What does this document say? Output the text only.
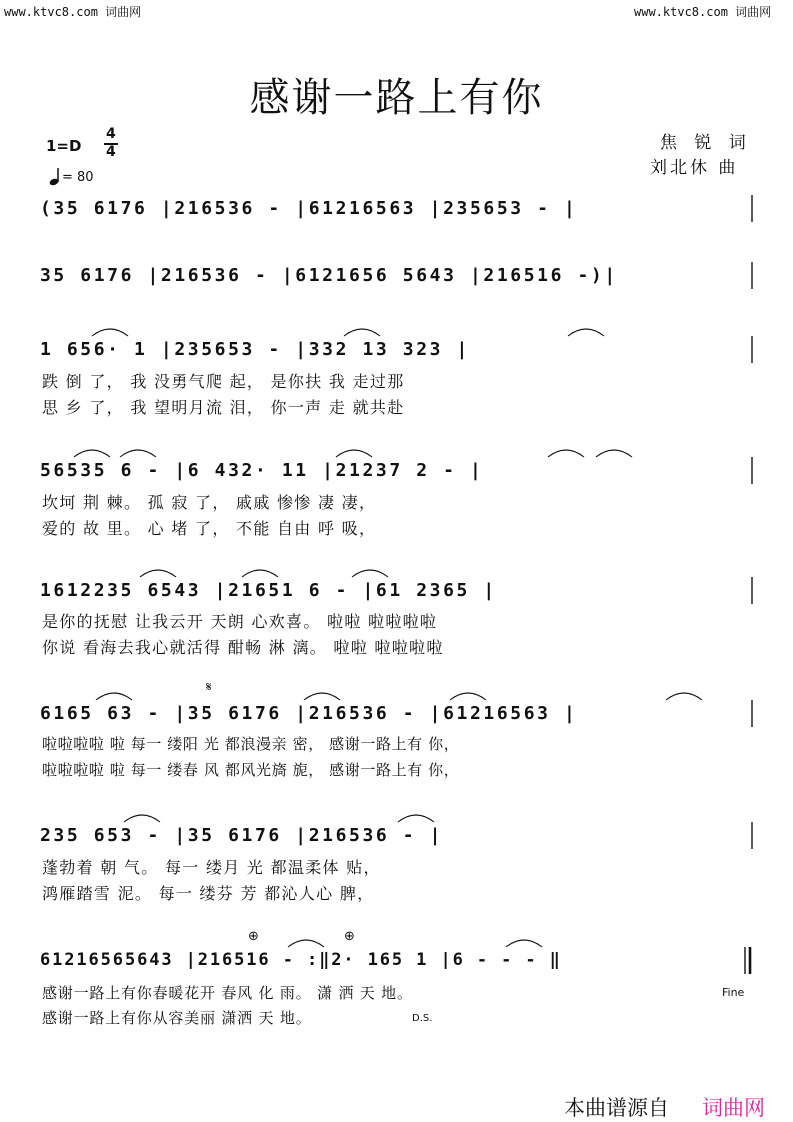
www.ktvc8.com 词曲网	www.ktvc8.com 词曲网
感谢一路上有你
1=D
4
4
= 80
焦 锐 词
刘北休 曲
(35 6176 |216536 - |61216563 |235653 - |
35 6176 |216536 - |6121656 5643 |216516 -)|
1 656· 1 |235653 - |332 13 323 |
跌 倒 了， 我 没勇气爬 起， 是你扶 我 走过那
思 乡 了， 我 望明月流 泪， 你一声 走 就共赴
56535 6 - |6 432· 11 |21237 2 - |
坎坷 荆 棘。 孤 寂 了， 戚戚 惨惨 凄 凄，
爱的 故 里。 心 堵 了， 不能 自由 呼 吸，
1612235 6543 |21651 6 - |61 2365 |
是你的抚慰 让我云开 天朗 心欢喜。 啦啦 啦啦啦啦
你说 看海去我心就活得 酣畅 淋 漓。 啦啦 啦啦啦啦
𝄋
6165 63 - |35 6176 |216536 - |61216563 |
啦啦啦啦 啦 每一 缕阳 光 都浪漫亲 密， 感谢一路上有 你，
啦啦啦啦 啦 每一 缕春 风 都风光旖 旎， 感谢一路上有 你，
235 653 - |35 6176 |216536 - |
蓬勃着 朝 气。 每一 缕月 光 都温柔体 贴，
鸿雁踏雪 泥。 每一 缕芬 芳 都沁人心 脾，
⊕	⊕
61216565643 |216516 - :‖2· 165 1 |6 - - - ‖
感谢一路上有你春暖花开 春风 化 雨。 潇 洒 天 地。
感谢一路上有你从容美丽 潇洒 天 地。
Fine
D.S.
本曲谱源自 词曲网
